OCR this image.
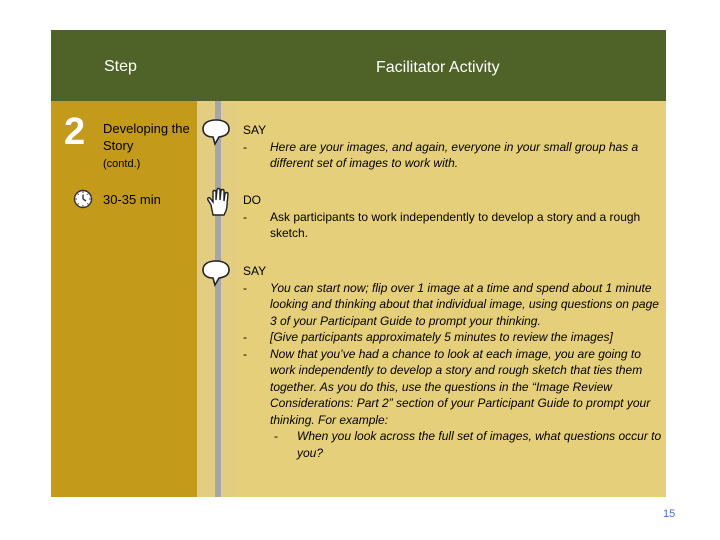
Step	Facilitator Activity
2 Developing the Story
(contd.)
30-35 min
SAY
- Here are your images, and again, everyone in your small group has a different set of images to work with.
DO
- Ask participants to work independently to develop a story and a rough sketch.
SAY
- You can start now; flip over 1 image at a time and spend about 1 minute looking and thinking about that individual image, using questions on page 3 of your Participant Guide to prompt your thinking.
- [Give participants approximately 5 minutes to review the images]
- Now that you’ve had a chance to look at each image, you are going to work independently to develop a story and rough sketch that ties them together. As you do this, use the questions in the “Image Review Considerations: Part 2” section of your Participant Guide to prompt your thinking. For example:
- When you look across the full set of images, what questions occur to you?
15
